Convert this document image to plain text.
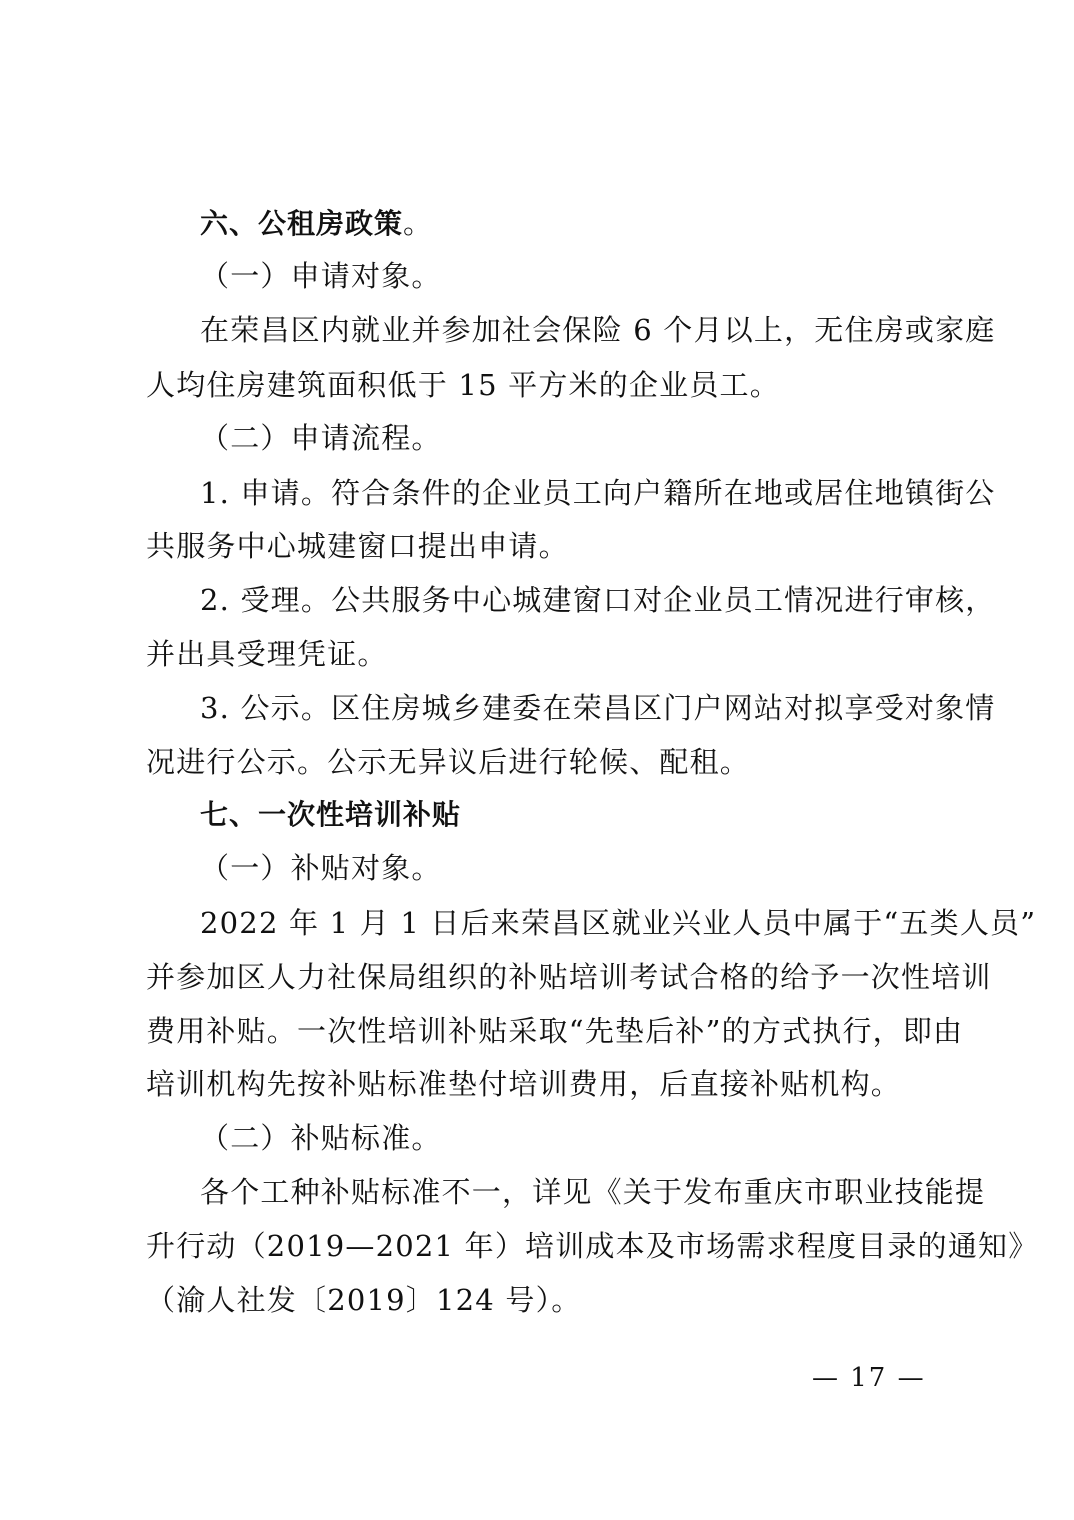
六、公租房政策。
（一）申请对象。
在荣昌区内就业并参加社会保险 6 个月以上，无住房或家庭
人均住房建筑面积低于 15 平方米的企业员工。
（二）申请流程。
1. 申请。符合条件的企业员工向户籍所在地或居住地镇街公
共服务中心城建窗口提出申请。
2. 受理。公共服务中心城建窗口对企业员工情况进行审核，
并出具受理凭证。
3. 公示。区住房城乡建委在荣昌区门户网站对拟享受对象情
况进行公示。公示无异议后进行轮候、配租。
七、一次性培训补贴
（一）补贴对象。
2022 年 1 月 1 日后来荣昌区就业兴业人员中属于“五类人员”
并参加区人力社保局组织的补贴培训考试合格的给予一次性培训
费用补贴。一次性培训补贴采取“先垫后补”的方式执行，即由
培训机构先按补贴标准垫付培训费用，后直接补贴机构。
（二）补贴标准。
各个工种补贴标准不一，详见《关于发布重庆市职业技能提
升行动（2019—2021 年）培训成本及市场需求程度目录的通知》
（渝人社发〔2019〕124 号）。
— 17 —
